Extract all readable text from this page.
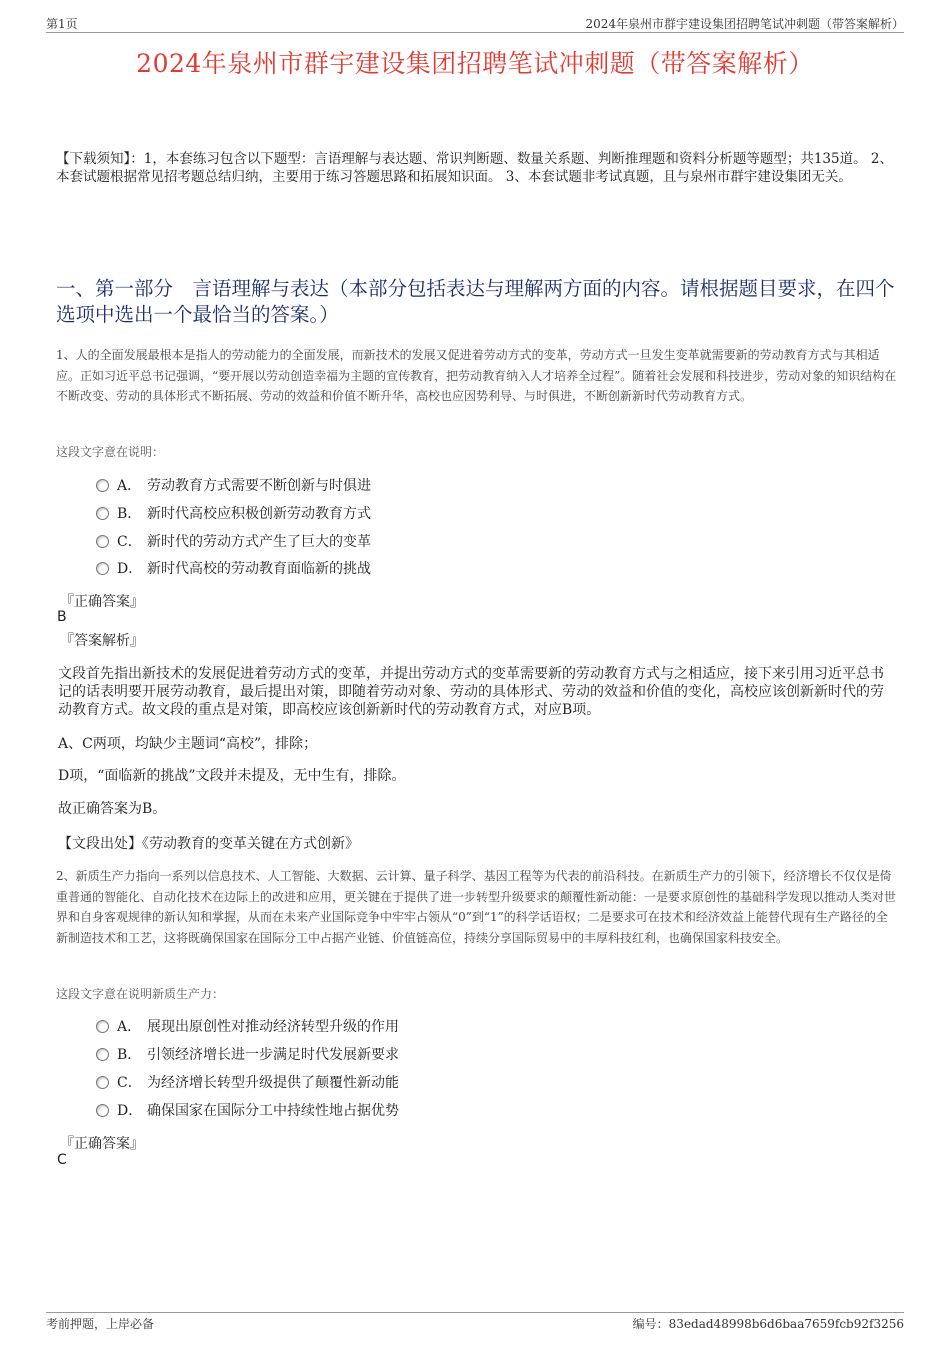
第1页	2024年泉州市群宇建设集团招聘笔试冲刺题（带答案解析）
2024年泉州市群宇建设集团招聘笔试冲刺题（带答案解析）
【下载须知】：1，本套练习包含以下题型：言语理解与表达题、常识判断题、数量关系题、判断推理题和资料分析题等题型；共135道。 2、本套试题根据常见招考题总结归纳，主要用于练习答题思路和拓展知识面。 3、本套试题非考试真题，且与泉州市群宇建设集团无关。
一、第一部分　言语理解与表达（本部分包括表达与理解两方面的内容。请根据题目要求，在四个选项中选出一个最恰当的答案。）
1、人的全面发展最根本是指人的劳动能力的全面发展，而新技术的发展又促进着劳动方式的变革，劳动方式一旦发生变革就需要新的劳动教育方式与其相适应。正如习近平总书记强调，“要开展以劳动创造幸福为主题的宣传教育，把劳动教育纳入人才培养全过程”。随着社会发展和科技进步，劳动对象的知识结构在不断改变、劳动的具体形式不断拓展、劳动的效益和价值不断升华，高校也应因势利导、与时俱进，不断创新新时代劳动教育方式。
这段文字意在说明：
A． 劳动教育方式需要不断创新与时俱进
B． 新时代高校应积极创新劳动教育方式
C． 新时代的劳动方式产生了巨大的变革
D． 新时代高校的劳动教育面临新的挑战
『正确答案』
B
『答案解析』
文段首先指出新技术的发展促进着劳动方式的变革，并提出劳动方式的变革需要新的劳动教育方式与之相适应，接下来引用习近平总书记的话表明要开展劳动教育，最后提出对策，即随着劳动对象、劳动的具体形式、劳动的效益和价值的变化，高校应该创新新时代的劳动教育方式。故文段的重点是对策，即高校应该创新新时代的劳动教育方式，对应B项。
A、C两项，均缺少主题词“高校”，排除；
D项，“面临新的挑战”文段并未提及，无中生有，排除。
故正确答案为B。
【文段出处】《劳动教育的变革关键在方式创新》
2、新质生产力指向一系列以信息技术、人工智能、大数据、云计算、量子科学、基因工程等为代表的前沿科技。在新质生产力的引领下，经济增长不仅仅是倚重普通的智能化、自动化技术在边际上的改进和应用，更关键在于提供了进一步转型升级要求的颠覆性新动能：一是要求原创性的基础科学发现以推动人类对世界和自身客观规律的新认知和掌握，从而在未来产业国际竞争中牢牢占领从“0”到“1”的科学话语权；二是要求可在技术和经济效益上能替代现有生产路径的全新制造技术和工艺，这将既确保国家在国际分工中占据产业链、价值链高位，持续分享国际贸易中的丰厚科技红利，也确保国家科技安全。
这段文字意在说明新质生产力：
A． 展现出原创性对推动经济转型升级的作用
B． 引领经济增长进一步满足时代发展新要求
C． 为经济增长转型升级提供了颠覆性新动能
D． 确保国家在国际分工中持续性地占据优势
『正确答案』
C
考前押题，上岸必备	编号：83edad48998b6d6baa7659fcb92f3256
